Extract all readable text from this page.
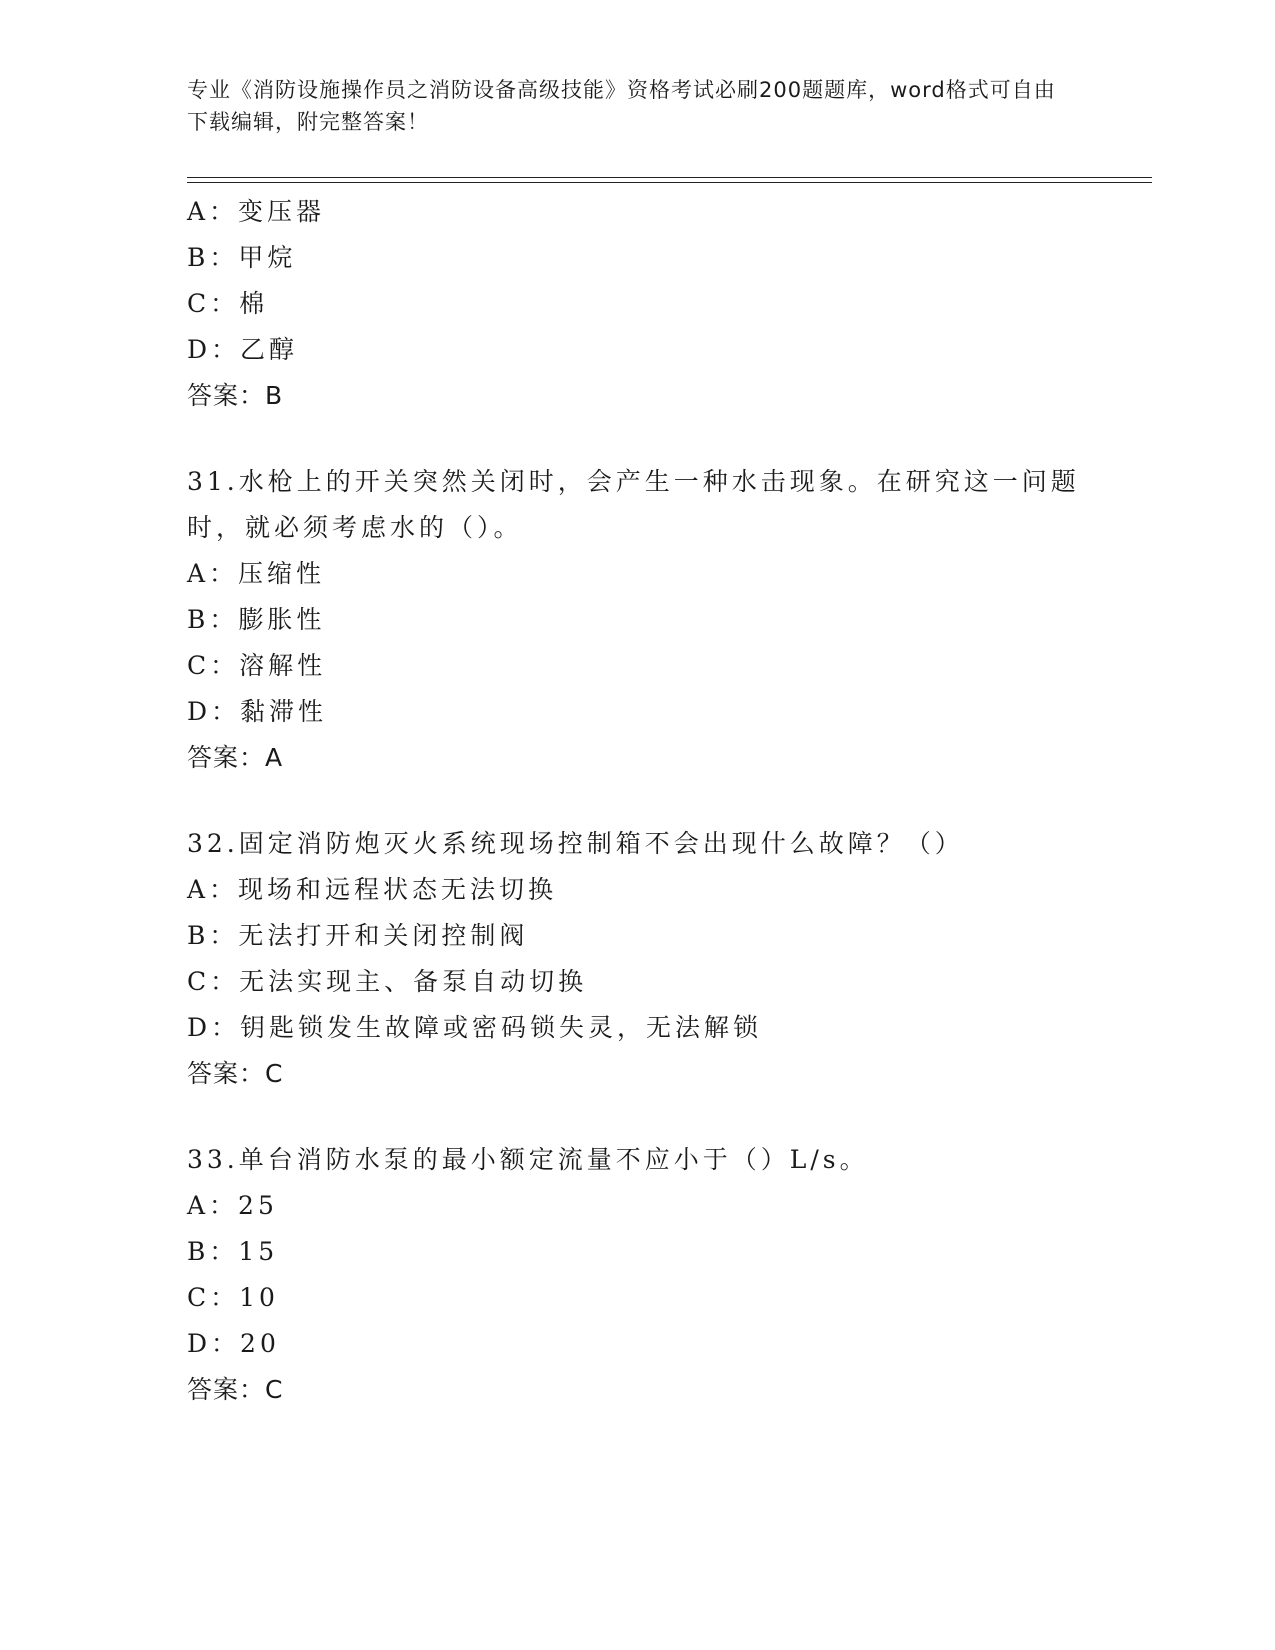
专业《消防设施操作员之消防设备高级技能》资格考试必刷200题题库，word格式可自由下载编辑，附完整答案！
A：变压器
B：甲烷
C：棉
D：乙醇
答案：B
31.水枪上的开关突然关闭时，会产生一种水击现象。在研究这一问题
时，就必须考虑水的（）。
A：压缩性
B：膨胀性
C：溶解性
D：黏滞性
答案：A
32.固定消防炮灭火系统现场控制箱不会出现什么故障？（）
A：现场和远程状态无法切换
B：无法打开和关闭控制阀
C：无法实现主、备泵自动切换
D：钥匙锁发生故障或密码锁失灵，无法解锁
答案：C
33.单台消防水泵的最小额定流量不应小于（）L/s。
A：25
B：15
C：10
D：20
答案：C
